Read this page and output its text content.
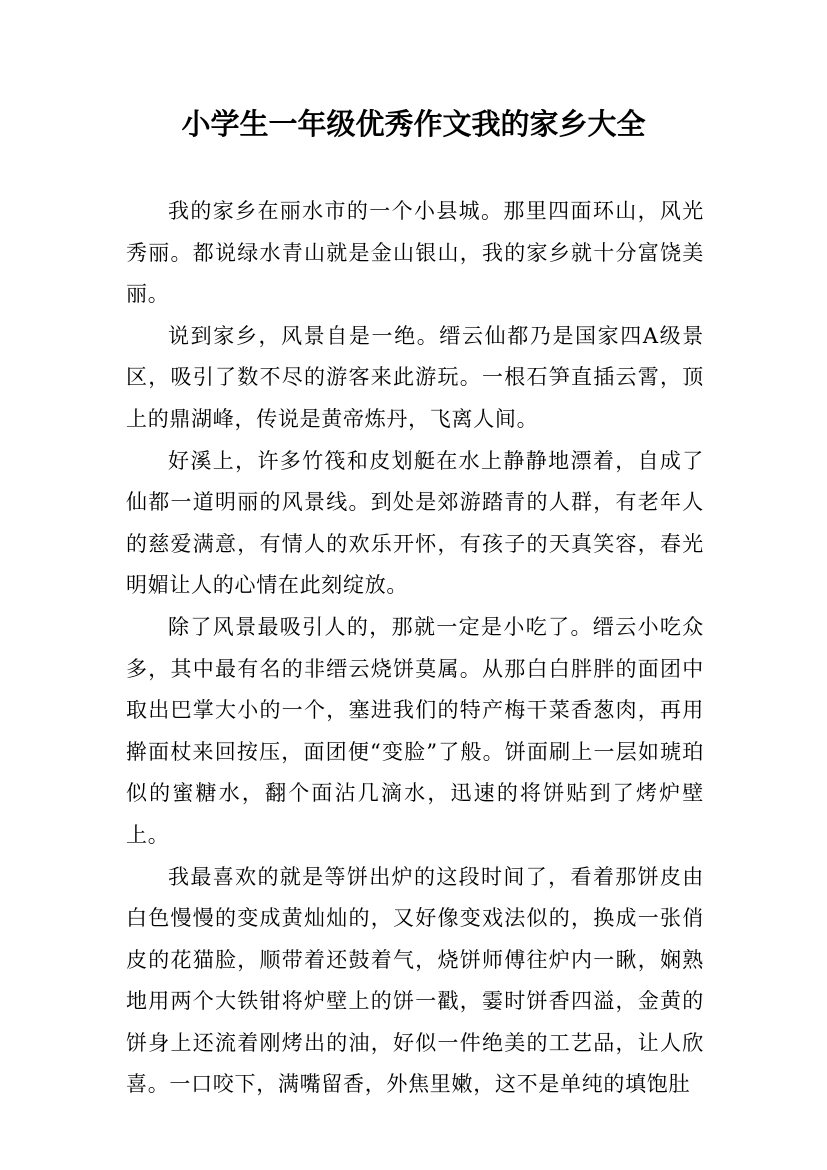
小学生一年级优秀作文我的家乡大全

我的家乡在丽水市的一个小县城。那里四面环山，风光秀丽。都说绿水青山就是金山银山，我的家乡就十分富饶美丽。

说到家乡，风景自是一绝。缙云仙都乃是国家四A级景区，吸引了数不尽的游客来此游玩。一根石笋直插云霄，顶上的鼎湖峰，传说是黄帝炼丹，飞离人间。

好溪上，许多竹筏和皮划艇在水上静静地漂着，自成了仙都一道明丽的风景线。到处是郊游踏青的人群，有老年人的慈爱满意，有情人的欢乐开怀，有孩子的天真笑容，春光明媚让人的心情在此刻绽放。

除了风景最吸引人的，那就一定是小吃了。缙云小吃众多，其中最有名的非缙云烧饼莫属。从那白白胖胖的面团中取出巴掌大小的一个，塞进我们的特产梅干菜香葱肉，再用擀面杖来回按压，面团便“变脸”了般。饼面刷上一层如琥珀似的蜜糖水，翻个面沾几滴水，迅速的将饼贴到了烤炉壁上。

我最喜欢的就是等饼出炉的这段时间了，看着那饼皮由白色慢慢的变成黄灿灿的，又好像变戏法似的，换成一张俏皮的花猫脸，顺带着还鼓着气，烧饼师傅往炉内一瞅，娴熟地用两个大铁钳将炉壁上的饼一戳，霎时饼香四溢，金黄的饼身上还流着刚烤出的油，好似一件绝美的工艺品，让人欣喜。一口咬下，满嘴留香，外焦里嫩，这不是单纯的填饱肚
